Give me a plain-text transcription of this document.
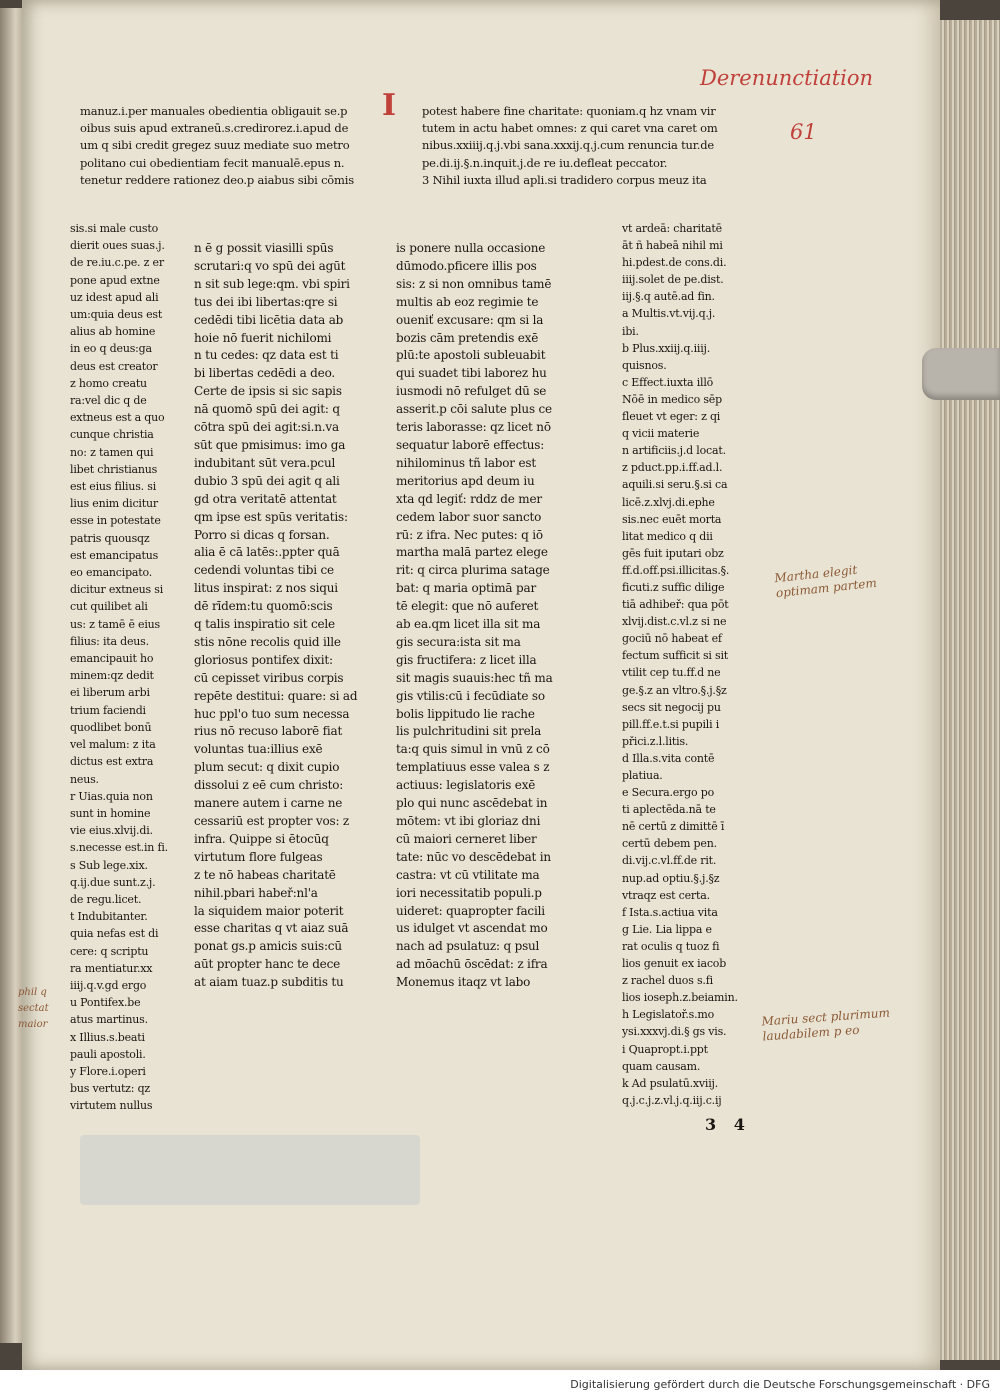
Derenunctiation
61
I
manuz.i.per manuales obedientia obligauit se.p
oibus suis apud extraneū.s.credirorez.i.apud de
um q sibi credit gregez suuz mediate suo metro
politano cui obedientiam fecit manualē.epus n.
tenetur reddere rationez deo.p aiabus sibi cōmis
potest habere fine charitate: quoniam.q hz vnam vir
tutem in actu habet omnes: z qui caret vna caret om
nibus.xxiiij.q.j.vbi sana.xxxij.q.j.cum renuncia tur.de
pe.di.ij.§.n.inquit.j.de re iu.defleat peccator.
3 Nihil iuxta illud apli.si tradidero corpus meuz ita
sis.si male custo
dierit oues suas.j.
de re.iu.c.pe. z er
pone apud extne
uz idest apud ali
um:quia deus est
alius ab homine
in eo q deus:ga
deus est creator
z homo creatu
ra:vel dic q de
extneus est a quo
cunque christia
no: z tamen qui
libet christianus
est eius filius. si
lius enim dicitur
esse in potestate
patris quousqz
est emancipatus
eo emancipato.
dicitur extneus si
cut quilibet ali
us: z tamē ē eius
filius: ita deus.
emancipauit ho
minem:qz dedit
ei liberum arbi
trium faciendi
quodlibet bonū
vel malum: z ita
dictus est extra
neus.
r Uias.quia non
sunt in homine
vie eius.xlvij.di.
s.necesse est.in fi.
s Sub lege.xix.
q.ij.due sunt.z.j.
de regu.licet.
t Indubitanter.
quia nefas est di
cere: q scriptu
ra mentiatur.xx
iiij.q.v.gd ergo
u Pontifex.be
atus martinus.
x Illius.s.beati
pauli apostoli.
y Flore.i.operi
bus vertutz: qz
virtutem nullus
n ē g possit viasilli spūs
scrutari:q vo spū dei agūt
n sit sub lege:qm. vbi spiri
tus dei ibi libertas:qre si
cedēdi tibi licētia data ab
hoie nō fuerit nichilomi
n tu cedes: qz data est ti
bi libertas cedēdi a deo.
Certe de ipsis si sic sapis
nā quomō spū dei agit: q
cōtra spū dei agit:si.n.va
sūt que pmisimus: imo ga
indubitant sūt vera.pcul
dubio 3 spū dei agit q ali
gd otra veritatē attentat
qm ipse est spūs veritatis:
Porro si dicas q forsan.
alia ē cā latēs:.ppter quā
cedendi voluntas tibi ce
litus inspirat: z nos siqui
dē rīdem:tu quomō:scis
q talis inspiratio sit cele
stis nōne recolis quid ille
gloriosus pontifex dixit:
cū cepisset viribus corpis
repēte destitui: quare: si ad
huc ppl'o tuo sum necessa
rius nō recuso laborē fiat
voluntas tua:illius exē
plum secut: q dixit cupio
dissolui z eē cum christo:
manere autem i carne ne
cessariū est propter vos: z
infra. Quippe si ētocūq
virtutum flore fulgeas
z te nō habeas charitatē
nihil.pbari habeř:nl'a
la siquidem maior poterit
esse charitas q vt aiaz suā
ponat gs.p amicis suis:cū
aūt propter hanc te dece
at aiam tuaz.p subditis tu
is ponere nulla occasione
dūmodo.pficere illis pos
sis: z si non omnibus tamē
multis ab eoz regimie te
oueniť excusare: qm si la
bozis cām pretendis exē
plū:te apostoli subleuabit
qui suadet tibi laborez hu
iusmodi nō refulget dū se
asserit.p cōi salute plus ce
teris laborasse: qz licet nō
sequatur laborē effectus:
nihilominus tñ labor est
meritorius apd deum iu
xta qd legiť: rddz de mer
cedem labor suor sancto
rū: z ifra. Nec putes: q iō
martha malā partez elege
rit: q circa plurima satage
bat: q maria optimā par
tē elegit: que nō auferet
ab ea.qm licet illa sit ma
gis secura:ista sit ma
gis fructifera: z licet illa
sit magis suauis:hec tñ ma
gis vtilis:cū i fecūdiate so
bolis lippitudo lie rache
lis pulchritudini sit prela
ta:q quis simul in vnū z cō
templatiuus esse valea s z
actiuus: legislatoris exē
plo qui nunc ascēdebat in
mōtem: vt ibi gloriaz dni
cū maiori cerneret liber
tate: nūc vo descēdebat in
castra: vt cū vtilitate ma
iori necessitatib populi.p
uideret: quapropter facili
us idulget vt ascendat mo
nach ad psulatuz: q psul
ad mōachū ōscēdat: z ifra
Monemus itaqz vt labo
vt ardeā: charitatē
āt ñ habeā nihil mi
hi.pdest.de cons.di.
iiij.solet de pe.dist.
iij.§.q autē.ad fin.
a Multis.vt.vij.q.j.
ibi.
b Plus.xxiij.q.iiij.
quisnos.
c Effect.iuxta illō
Nōē in medico sēp
fleuet vt eger: z qi
q vicii materie
n artificiis.j.d locat.
z pduct.pp.i.ff.ad.l.
aquili.si seru.§.si ca
licē.z.xlvj.di.ephe
sis.nec euēt morta
litat medico q dii
gēs fuit iputari obz
ff.d.off.psi.illicitas.§.
ficuti.z suffic dilige
tiā adhibeř: qua pōt
xlvij.dist.c.vl.z si ne
gociū nō habeat ef
fectum sufficit si sit
vtilit cep tu.ff.d ne
ge.§.z an vltro.§.j.§z
secs sit negocij pu
pill.ff.e.t.si pupili i
přici.z.l.litis.
d Illa.s.vita contē
platiua.
e Secura.ergo po
ti aplectēda.nā te
nē certū z dimittē ī
certū debem pen.
di.vij.c.vl.ff.de rit.
nup.ad optiu.§.j.§z
vtraqz est certa.
f Ista.s.actiua vita
g Lie. Lia lippa e
rat oculis q tuoz fi
lios genuit ex iacob
z rachel duos s.fi
lios ioseph.z.beiamin.
h Legislatoř.s.mo
ysi.xxxvj.di.§ gs vis.
i Quapropt.i.ppt
quam causam.
k Ad psulatū.xviij.
q.j.c.j.z.vl.j.q.iij.c.ij
Martha elegit
optimam partem
Mariu sect plurimum
laudabilem p eo
phil q
sectat
maior
3 4
Digitalisierung gefördert durch die Deutsche Forschungsgemeinschaft · DFG
